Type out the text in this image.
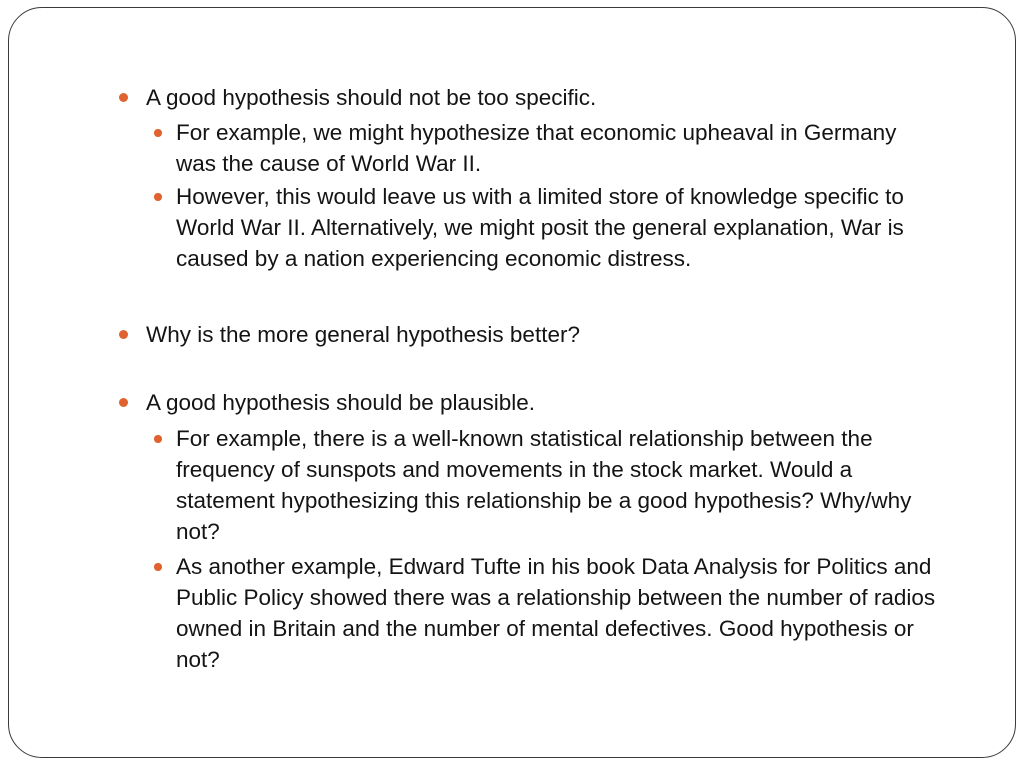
A good hypothesis should not be too specific.
For example, we might hypothesize that economic upheaval in Germany was the cause of World War II.
However, this would leave us with a limited store of knowledge specific to World War II. Alternatively, we might posit the general explanation, War is caused by a nation experiencing economic distress.
Why is the more general hypothesis better?
A good hypothesis should be plausible.
For example, there is a well-known statistical relationship between the frequency of sunspots and movements in the stock market. Would a statement hypothesizing this relationship be a good hypothesis? Why/why not?
As another example, Edward Tufte in his book Data Analysis for Politics and Public Policy showed there was a relationship between the number of radios owned in Britain and the number of mental defectives. Good hypothesis or not?
